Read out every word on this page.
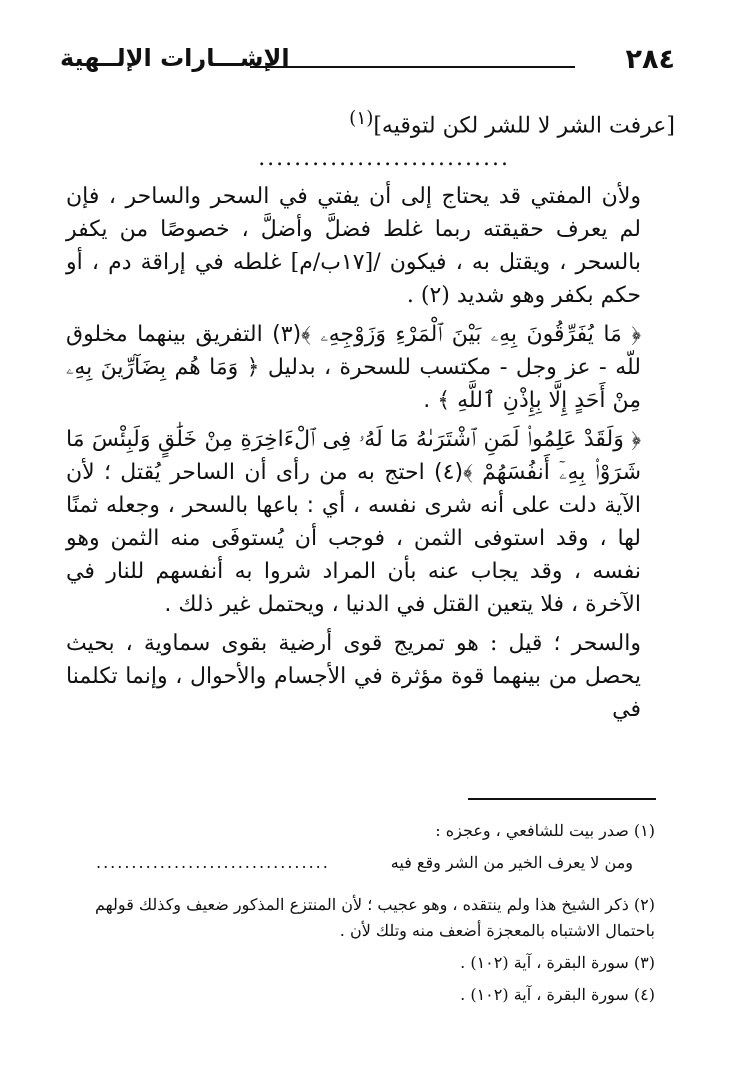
٢٨٤
الإشـــارات الإلــهية

[عرفت الشر لا للشر لكن لتوقيه]$^{(١)}$

............................

ولأن المفتي قد يحتاج إلى أن يفتي في السحر والساحر ، فإن لم يعرف حقيقته ربما غلط فضلَّ وأضلَّ ، خصوصًا من يكفر بالسحر ، ويقتل به ، فيكون /[١٧ب/م] غلطه في إراقة دم ، أو حكم بكفر وهو شديد (٢) .

﴿ مَا يُفَرِّقُونَ بِهِۦ بَيْنَ ٱلْمَرْءِ وَزَوْجِهِۦ ﴾(٣) التفريق بينهما مخلوق للّه - عز وجل - مكتسب للسحرة ، بدليل ﴿ وَمَا هُم بِضَآرِّينَ بِهِۦ مِنْ أَحَدٍ إِلَّا بِإِذْنِ ٱللَّهِ ﴾ .

﴿ وَلَقَدْ عَلِمُوا۟ لَمَنِ ٱشْتَرَىٰهُ مَا لَهُۥ فِى ٱلْءَاخِرَةِ مِنْ خَلَٰقٍ وَلَبِئْسَ مَا شَرَوْا۟ بِهِۦٓ أَنفُسَهُمْ ﴾(٤) احتج به من رأى أن الساحر يُقتل ؛ لأن الآية دلت على أنه شرى نفسه ، أي : باعها بالسحر ، وجعله ثمنًا لها ، وقد استوفى الثمن ، فوجب أن يُستوفَى منه الثمن وهو نفسه ، وقد يجاب عنه بأن المراد شروا به أنفسهم للنار في الآخرة ، فلا يتعين القتل في الدنيا ، ويحتمل غير ذلك .

والسحر ؛ قيل : هو تمريج قوى أرضية بقوى سماوية ، بحيث يحصل من بينهما قوة مؤثرة في الأجسام والأحوال ، وإنما تكلمنا في

(١) صدر بيت للشافعي ، وعجزه :

ومن لا يعرف الخير من الشر وقع فيه
.................................

(٢) ذكر الشيخ هذا ولم ينتقده ، وهو عجيب ؛ لأن المنتزع المذكور ضعيف وكذلك قولهم باحتمال الاشتباه بالمعجزة أضعف منه وتلك لأن .

(٣) سورة البقرة ، آية (١٠٢) .

(٤) سورة البقرة ، آية (١٠٢) .
